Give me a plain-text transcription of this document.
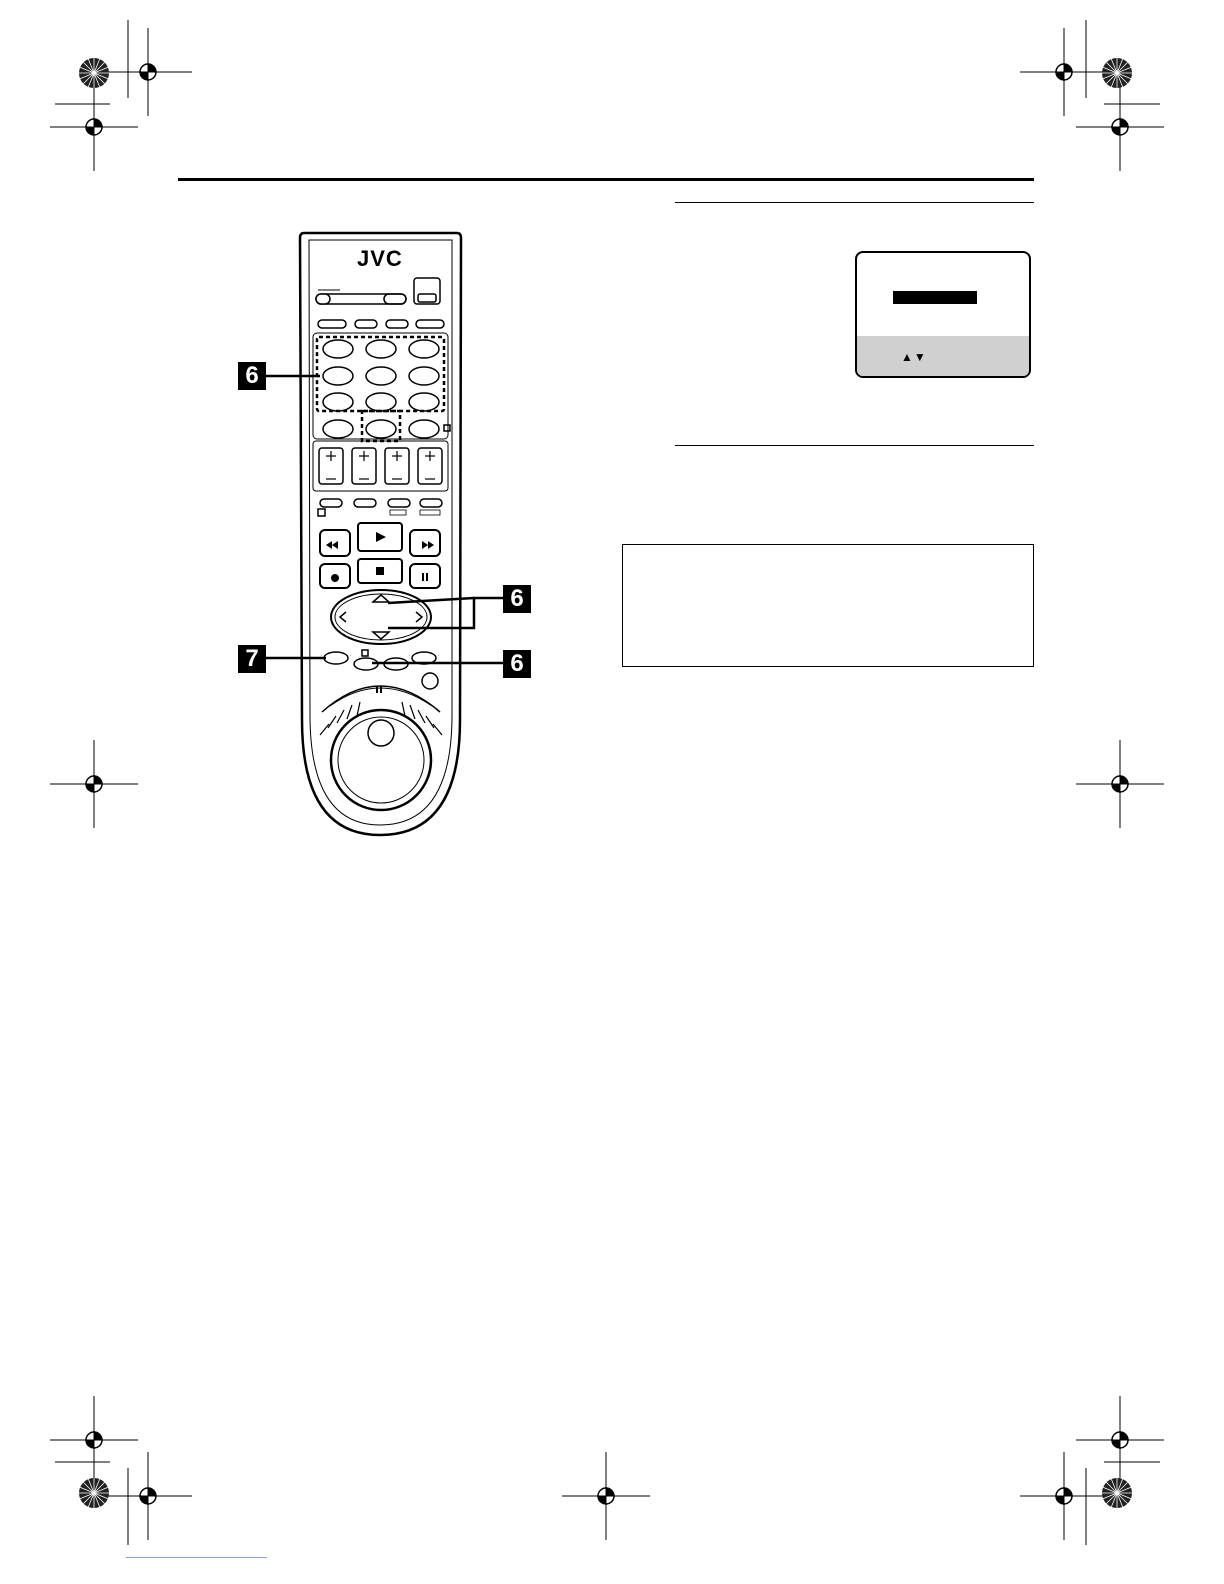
JVC
6
6
7	6
▲▼
